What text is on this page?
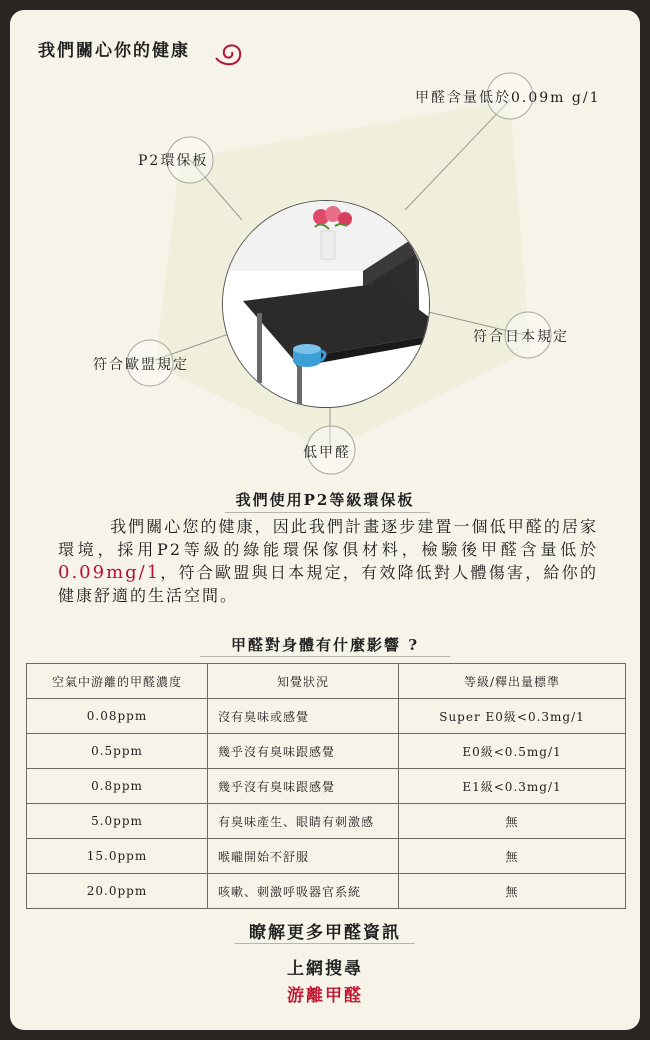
我們關心你的健康
甲醛含量低於0.09m g/1
P2環保板
符合日本規定
符合歐盟規定
低甲醛
我們使用P2等級環保板
我們關心您的健康，因此我們計畫逐步建置一個低甲醛的居家環境，採用P2等級的綠能環保傢俱材料，檢驗後甲醛含量低於0.09mg/1，符合歐盟與日本規定，有效降低對人體傷害，給你的健康舒適的生活空間。
甲醛對身體有什麼影響 ?
空氣中游離的甲醛濃度	知覺狀況	等級/釋出量標準
0.08ppm	沒有臭味或感覺	Super E0級<0.3mg/1
0.5ppm	幾乎沒有臭味跟感覺	E0級<0.5mg/1
0.8ppm	幾乎沒有臭味跟感覺	E1級<0.3mg/1
5.0ppm	有臭味產生、眼睛有刺激感	無
15.0ppm	喉嚨開始不舒服	無
20.0ppm	咳嗽、刺激呼吸器官系統	無
瞭解更多甲醛資訊
上網搜尋
游離甲醛
